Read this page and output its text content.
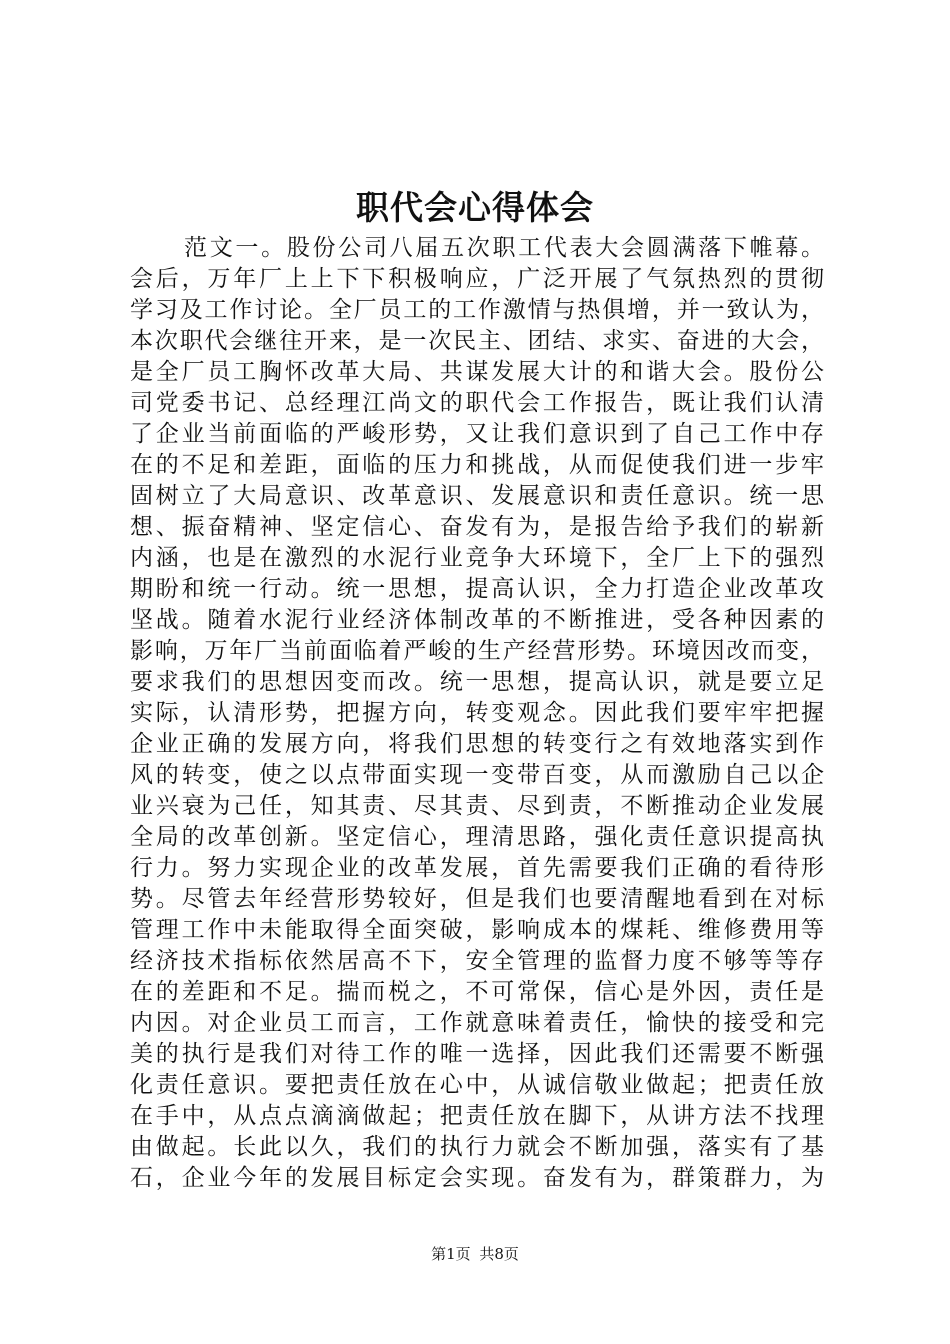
职代会心得体会
范文一。股份公司八届五次职工代表大会圆满落下帷幕。
会后，万年厂上上下下积极响应，广泛开展了气氛热烈的贯彻
学习及工作讨论。全厂员工的工作激情与热俱增，并一致认为，
本次职代会继往开来，是一次民主、团结、求实、奋进的大会，
是全厂员工胸怀改革大局、共谋发展大计的和谐大会。股份公
司党委书记、总经理江尚文的职代会工作报告，既让我们认清
了企业当前面临的严峻形势，又让我们意识到了自己工作中存
在的不足和差距，面临的压力和挑战，从而促使我们进一步牢
固树立了大局意识、改革意识、发展意识和责任意识。统一思
想、振奋精神、坚定信心、奋发有为，是报告给予我们的崭新
内涵，也是在激烈的水泥行业竞争大环境下，全厂上下的强烈
期盼和统一行动。统一思想，提高认识，全力打造企业改革攻
坚战。随着水泥行业经济体制改革的不断推进，受各种因素的
影响，万年厂当前面临着严峻的生产经营形势。环境因改而变，
要求我们的思想因变而改。统一思想，提高认识，就是要立足
实际，认清形势，把握方向，转变观念。因此我们要牢牢把握
企业正确的发展方向，将我们思想的转变行之有效地落实到作
风的转变，使之以点带面实现一变带百变，从而激励自己以企
业兴衰为己任，知其责、尽其责、尽到责，不断推动企业发展
全局的改革创新。坚定信心，理清思路，强化责任意识提高执
行力。努力实现企业的改革发展，首先需要我们正确的看待形
势。尽管去年经营形势较好，但是我们也要清醒地看到在对标
管理工作中未能取得全面突破，影响成本的煤耗、维修费用等
经济技术指标依然居高不下，安全管理的监督力度不够等等存
在的差距和不足。揣而棁之，不可常保，信心是外因，责任是
内因。对企业员工而言，工作就意味着责任，愉快的接受和完
美的执行是我们对待工作的唯一选择，因此我们还需要不断强
化责任意识。要把责任放在心中，从诚信敬业做起；把责任放
在手中，从点点滴滴做起；把责任放在脚下，从讲方法不找理
由做起。长此以久，我们的执行力就会不断加强，落实有了基
石，企业今年的发展目标定会实现。奋发有为，群策群力，为
第1页 共8页
